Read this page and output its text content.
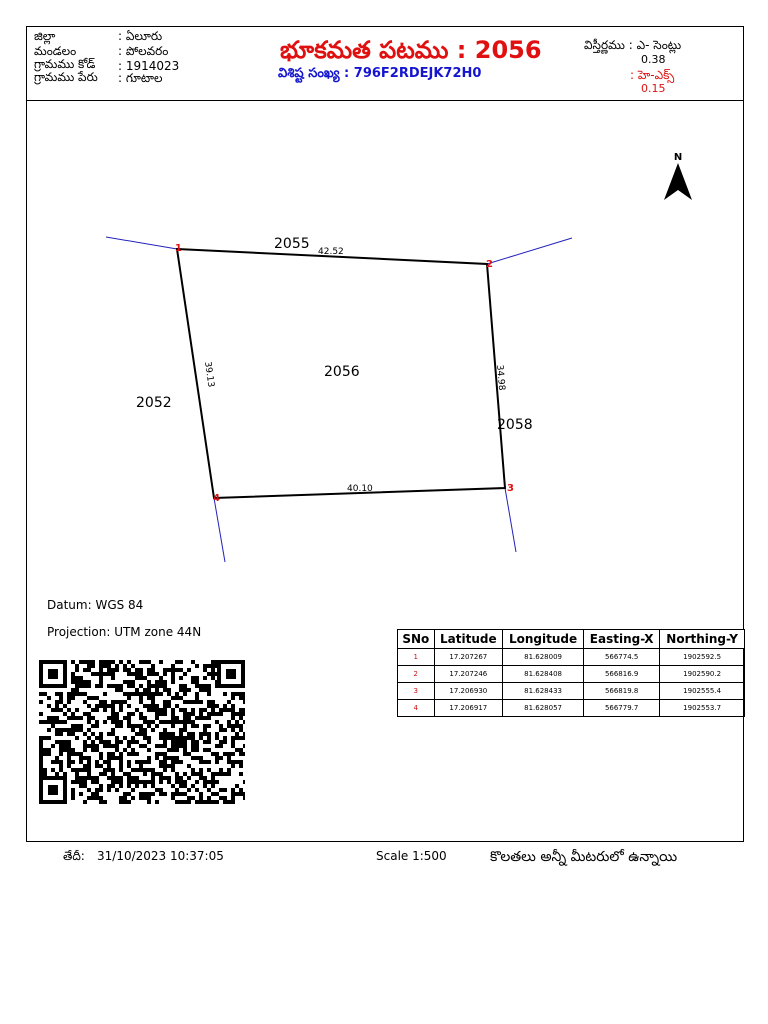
జిల్లా	: ఏలూరు
మండలం	: పోలవరం
గ్రామము కోడ్ : 1914023
గ్రామము పేరు : గూటాల
భూకమత పటము : 2056
విశిష్ట సంఖ్య : 796F2RDEJK72H0
విస్తీర్ణము : ఎ- సెంట్లు
0.38
: హె-ఎక్స్
0.15
N
1
2
3
4
42.52
34.98
40.10
39.13
2055
2056
2052
2058
Datum: WGS 84
Projection: UTM zone 44N	SNo	Latitude	Longitude	Easting-X	Northing-Y
1	17.207267	81.628009	566774.5	1902592.5
2	17.207246	81.628408	566816.9	1902590.2
3	17.206930	81.628433	566819.8	1902555.4
4	17.206917	81.628057	566779.7	1902553.7
తేదీ: 31/10/2023 10:37:05	Scale 1:500	కొలతలు అన్నీ మీటరులో ఉన్నాయి
